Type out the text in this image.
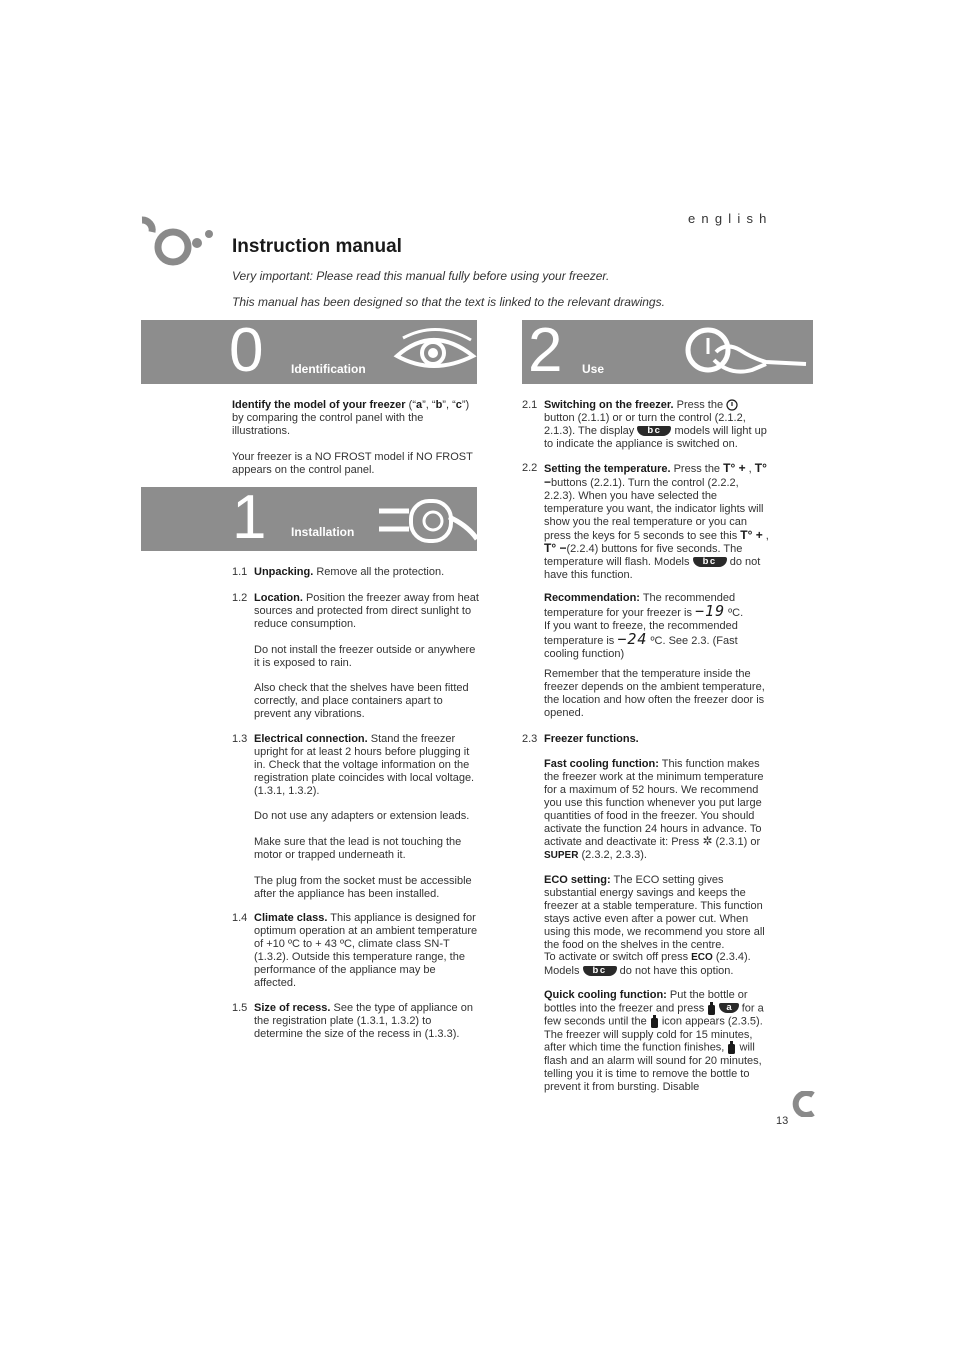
english
Instruction manual
Very important: Please read this manual fully before using your freezer.
This manual has been designed so that the text is linked to the relevant drawings.
0 Identification
Identify the model of your freezer (“a”, “b”, “c”) by comparing the control panel with the illustrations.
Your freezer is a NO FROST model if NO FROST appears on the control panel.
1 Installation
1.1 Unpacking. Remove all the protection.
1.2 Location. Position the freezer away from heat sources and protected from direct sunlight to reduce consumption.
Do not install the freezer outside or anywhere it is exposed to rain.
Also check that the shelves have been fitted correctly, and place containers apart to prevent any vibrations.
1.3 Electrical connection. Stand the freezer upright for at least 2 hours before plugging it in. Check that the voltage information on the registration plate coincides with local voltage. (1.3.1, 1.3.2).
Do not use any adapters or extension leads.
Make sure that the lead is not touching the motor or trapped underneath it.
The plug from the socket must be accessible after the appliance has been installed.
1.4 Climate class. This appliance is designed for optimum operation at an ambient temperature of +10 ºC to + 43 ºC, climate class SN-T (1.3.2). Outside this temperature range, the performance of the appliance may be affected.
1.5 Size of recess. See the type of appliance on the registration plate (1.3.1, 1.3.2) to determine the size of the recess in (1.3.3).
2 Use
2.1 Switching on the freezer. Press the  button (2.1.1) or or turn the control (2.1.2, 2.1.3). The display bc models will light up to indicate the appliance is switched on.
2.2 Setting the temperature. Press the T° + , T° −buttons (2.2.1). Turn the control (2.2.2, 2.2.3). When you have selected the temperature you want, the indicator lights will show you the real temperature or you can press the keys for 5 seconds to see this T° + , T° −(2.2.4) buttons for five seconds. The temperature will flash. Models bc do not have this function.
Recommendation: The recommended temperature for your freezer is −19 ºC.
If you want to freeze, the recommended temperature is −24 ºC. See 2.3. (Fast cooling function)
Remember that the temperature inside the freezer depends on the ambient temperature, the location and how often the freezer door is opened.
2.3 Freezer functions.
Fast cooling function: This function makes the freezer work at the minimum temperature for a maximum of 52 hours. We recommend you use this function whenever you put large quantities of food in the freezer. You should activate the function 24 hours in advance. To activate and deactivate it: Press ✲ (2.3.1) or SUPER (2.3.2, 2.3.3).
ECO setting: The ECO setting gives substantial energy savings and keeps the freezer at a stable temperature. This function stays active even after a power cut. When using this mode, we recommend you store all the food on the shelves in the centre.
To activate or switch off press ECO (2.3.4).
Models bc do not have this option.
Quick cooling function: Put the bottle or bottles into the freezer and press  a for a few seconds until the  icon appears (2.3.5). The freezer will supply cold for 15 minutes, after which time the function finishes,  will flash and an alarm will sound for 20 minutes, telling you it is time to remove the bottle to prevent it from bursting. Disable
13
